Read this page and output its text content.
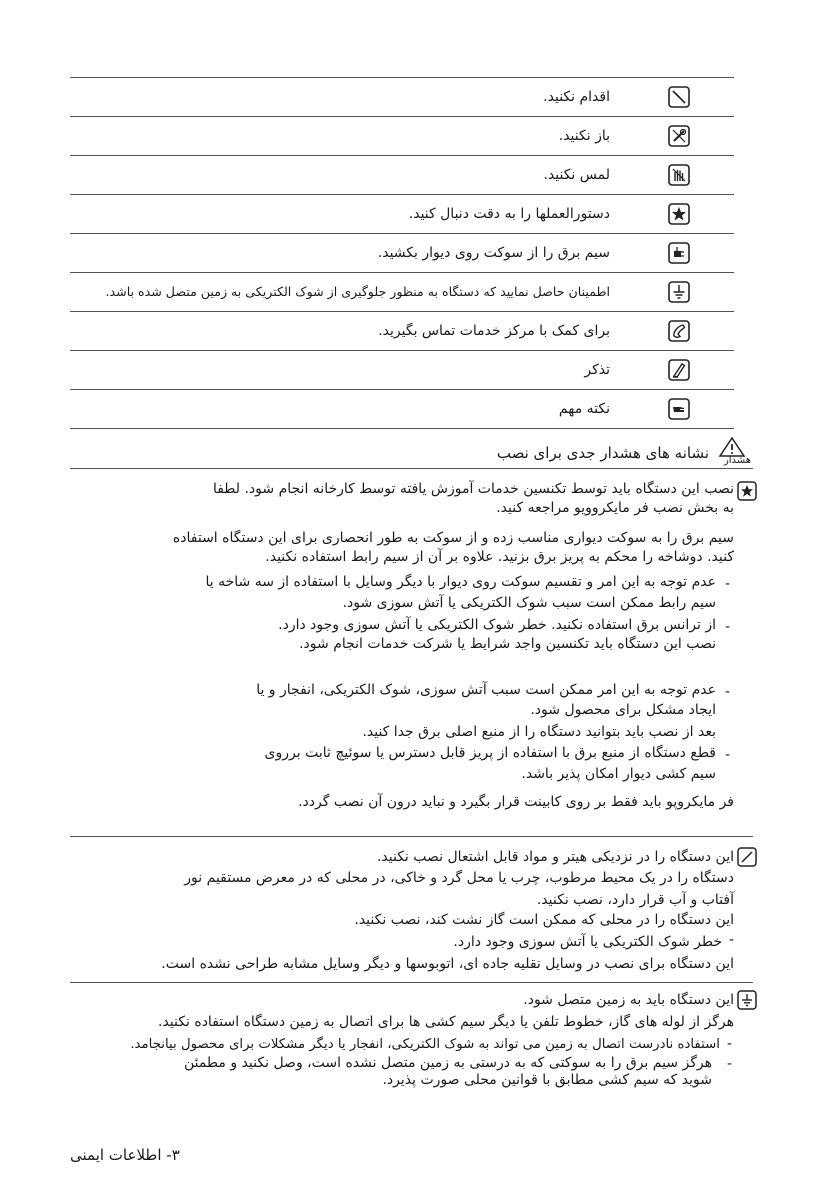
اقدام نکنید.
باز نکنید.
لمس نکنید.
دستورالعملها را به دقت دنبال کنید.
سیم برق را از سوکت روی دیوار بکشید.
اطمینان حاصل نمایید که دستگاه به منظور جلوگیری از شوک الکتریکی به زمین متصل شده باشد.
برای کمک با مرکز خدمات تماس بگیرید.
تذکر
نکته مهم
هشدار
نشانه های هشدار جدی برای نصب
نصب این دستگاه باید توسط تکنسین خدمات آموزش یافته توسط کارخانه انجام شود. لطفا
به بخش نصب فر مایکروویو مراجعه کنید.
سیم برق را به سوکت دیواری مناسب زده و از سوکت به طور انحصاری برای این دستگاه استفاده
کنید. دوشاخه را محکم به پریز برق بزنید. علاوه بر آن از سیم رابط استفاده نکنید.
-
عدم توجه به این امر و تقسیم سوکت روی دیوار با دیگر وسایل با استفاده از سه شاخه یا
سیم رابط ممکن است سبب شوک الکتریکی یا آتش سوزی شود.
-
از ترانس برق استفاده نکنید. خطر شوک الکتریکی یا آتش سوزی وجود دارد.
نصب این دستگاه باید تکنسین واجد شرایط یا شرکت خدمات انجام شود.
-
عدم توجه به این امر ممکن است سبب آتش سوزی، شوک الکتریکی، انفجار و یا
ایجاد مشکل برای محصول شود.
بعد از نصب باید بتوانید دستگاه را از منبع اصلی برق جدا کنید.
-
قطع دستگاه از منبع برق با استفاده از پریز قابل دسترس یا سوئیچ ثابت برروی
سیم کشی دیوار امکان پذیر باشد.
فر مایکروپو باید فقط بر روی کابینت قرار بگیرد و نباید درون آن نصب گردد.
این دستگاه را در نزدیکی هیتر و مواد قابل اشتعال نصب نکنید.
دستگاه را در یک محیط مرطوب، چرب یا محل گرد و خاکی، در محلی که در معرض مستقیم نور
آفتاب و آب قرار دارد، نصب نکنید.
این دستگاه را در محلی که ممکن است گاز نشت کند، نصب نکنید.
-
خطر شوک الکتریکی یا آتش سوزی وجود دارد.
این دستگاه برای نصب در وسایل نقلیه جاده ای، اتوبوسها و دیگر وسایل مشابه طراحی نشده است.
این دستگاه باید به زمین متصل شود.
هرگز از لوله های گاز، خطوط تلفن یا دیگر سیم کشی ها برای اتصال به زمین دستگاه استفاده نکنید.
-
استفاده نادرست اتصال به زمین می تواند به شوک الکتریکی، انفجار یا دیگر مشکلات برای محصول بیانجامد.
-
هرگز سیم برق را به سوکتی که به درستی به زمین متصل نشده است، وصل نکنید و مطمئن
شوید که سیم کشی مطابق با قوانین محلی صورت پذیرد.
۳- اطلاعات ایمنی
